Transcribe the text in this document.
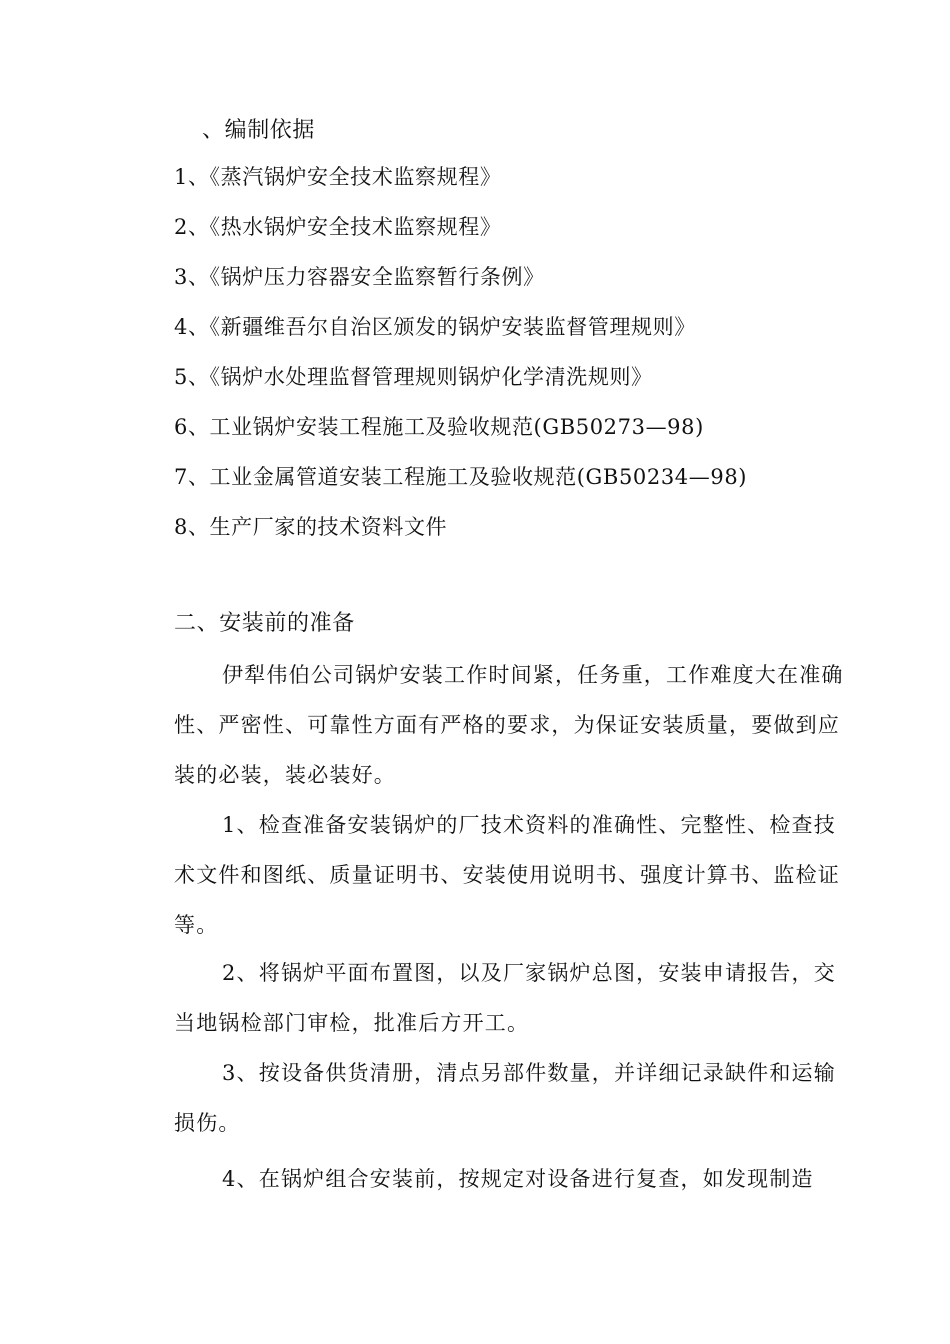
、编制依据
1、《蒸汽锅炉安全技术监察规程》
2、《热水锅炉安全技术监察规程》
3、《锅炉压力容器安全监察暂行条例》
4、《新疆维吾尔自治区颁发的锅炉安装监督管理规则》
5、《锅炉水处理监督管理规则锅炉化学清洗规则》
6、工业锅炉安装工程施工及验收规范(GB50273—98)
7、工业金属管道安装工程施工及验收规范(GB50234—98)
8、生产厂家的技术资料文件
二、安装前的准备

伊犁伟伯公司锅炉安装工作时间紧，任务重，工作难度大在准确性、严密性、可靠性方面有严格的要求，为保证安装质量，要做到应装的必装，装必装好。

1、检查准备安装锅炉的厂技术资料的准确性、完整性、检查技术文件和图纸、质量证明书、安装使用说明书、强度计算书、监检证等。

2、将锅炉平面布置图，以及厂家锅炉总图，安装申请报告，交当地锅检部门审检，批准后方开工。

3、按设备供货清册，清点另部件数量，并详细记录缺件和运输损伤。

4、在锅炉组合安装前，按规定对设备进行复查，如发现制造
